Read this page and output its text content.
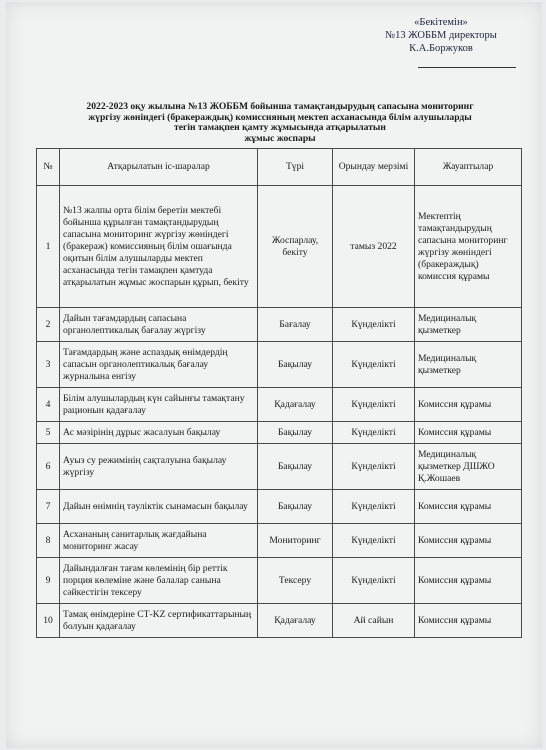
«Бекітемін»
№13 ЖОББМ директоры
К.А.Боржуков
2022-2023 оқу жылына №13 ЖОББМ бойынша тамақтандырудың сапасына мониторинг
жүргізу жөніндегі (бракераждық) комиссияның мектеп асханасында білім алушыларды
тегін тамақпен қамту жұмысында атқарылатын
жұмыс жоспары
№	Атқарылатын іс-шаралар	Түрі	Орындау мерзімі	Жауаптылар
1	№13 жалпы орта білім беретін мектебі бойынша құрылған тамақтандырудың сапасына мониторинг жүргізу жөніндегі (бракераж) комиссияның білім ошағында оқитын білім алушыларды мектеп асханасында тегін тамақпен қамтуда атқарылатын жұмыс жоспарын құрып, бекіту	Жоспарлау, бекіту	тамыз 2022	Мектептің тамақтандырудың сапасына мониторинг жүргізу жөніндегі (бракераждық) комиссия құрамы
2	Дайын тағамдардың сапасына органолептикалық бағалау жүргізу	Бағалау	Күнделікті	Медициналық қызметкер
3	Тағамдардың және аспаздық өнімдердің сапасын органолептикалық бағалау журналына енгізу	Бақылау	Күнделікті	Медициналық қызметкер
4	Білім алушылардың күн сайынғы тамақтану рационын қадағалау	Қадағалау	Күнделікті	Комиссия құрамы
5	Ас мәзірінің дұрыс жасалуын бақылау	Бақылау	Күнделікті	Комиссия құрамы
6	Ауыз су режимінің сақталуына бақылау жүргізу	Бақылау	Күнделікті	Медициналық қызметкер ДШЖО Қ.Жошаев
7	Дайын өнімнің тәуліктік сынамасын бақылау	Бақылау	Күнделікті	Комиссия құрамы
8	Асхананың санитарлық жағдайына мониторинг жасау	Мониторинг	Күнделікті	Комиссия құрамы
9	Дайындалған тағам көлемінің бір реттік порция көлеміне және балалар санына сәйкестігін тексеру	Тексеру	Күнделікті	Комиссия құрамы
10	Тамақ өнімдеріне СТ-KZ сертификаттарының болуын қадағалау	Қадағалау	Ай сайын	Комиссия құрамы
